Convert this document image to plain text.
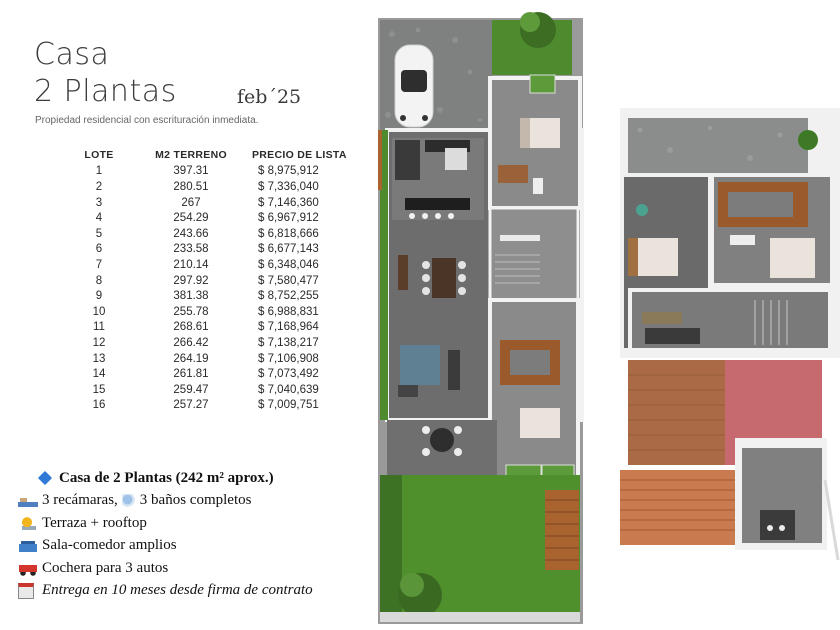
Casa
2 Plantas	feb´25
Propiedad residencial con escrituración inmediata.
LOTE	M2 TERRENO	PRECIO DE LISTA
1	397.31	$ 8,975,912
2	280.51	$ 7,336,040
3	267	$ 7,146,360
4	254.29	$ 6,967,912
5	243.66	$ 6,818,666
6	233.58	$ 6,677,143
7	210.14	$ 6,348,046
8	297.92	$ 7,580,477
9	381.38	$ 8,752,255
10	255.78	$ 6,988,831
11	268.61	$ 7,168,964
12	266.42	$ 7,138,217
13	264.19	$ 7,106,908
14	261.81	$ 7,073,492
15	259.47	$ 7,040,639
16	257.27	$ 7,009,751
Casa de 2 Plantas (242 m² aprox.)
3 recámaras, 3 baños completos
Terraza + rooftop
Sala-comedor amplios
Cochera para 3 autos
Entrega en 10 meses desde firma de contrato
